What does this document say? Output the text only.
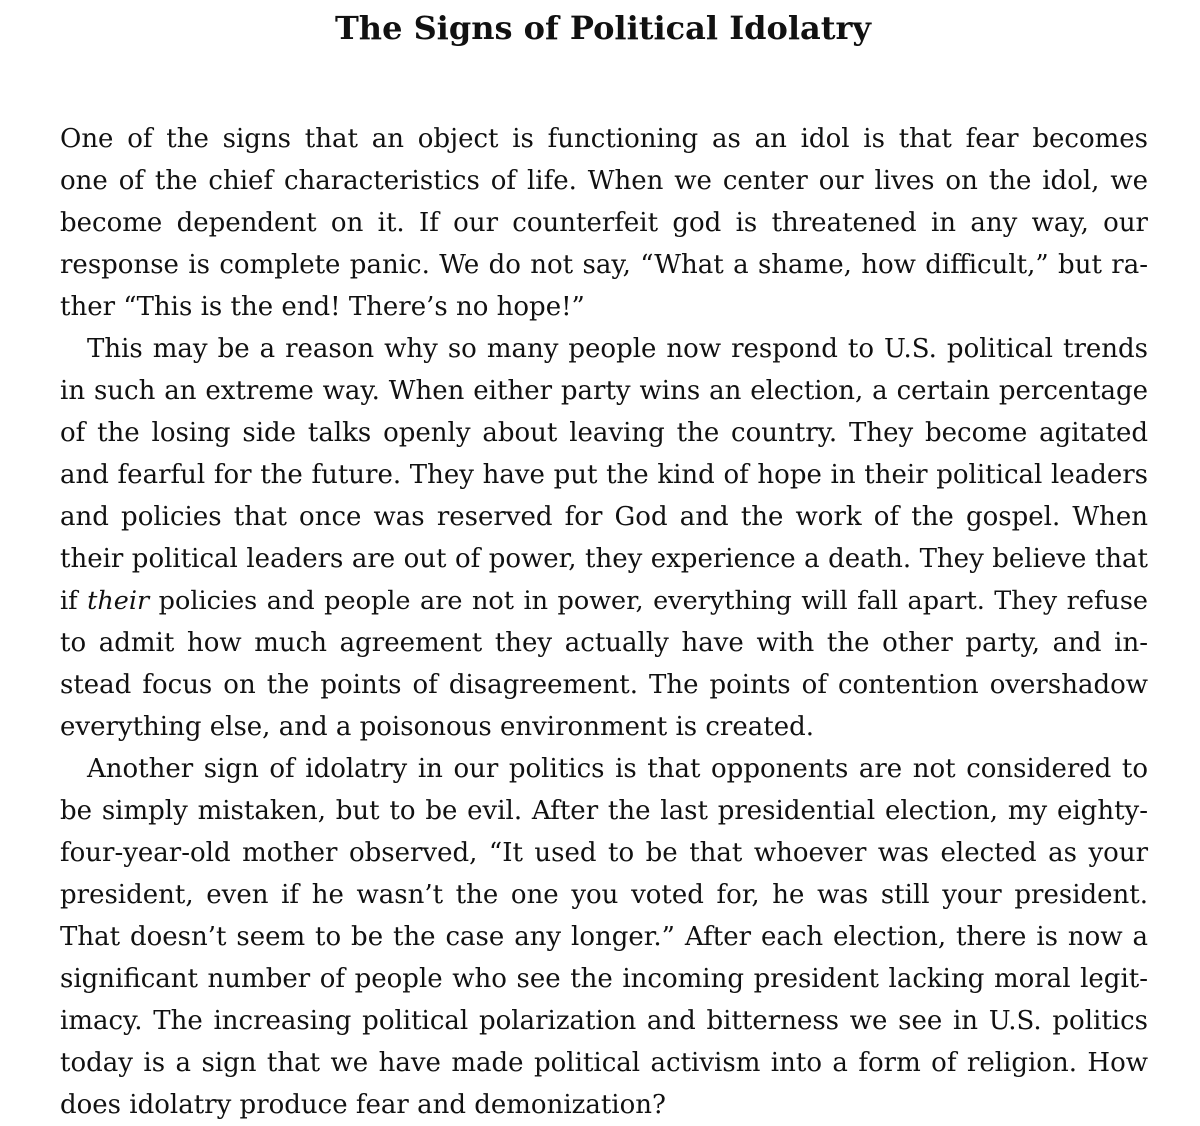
The Signs of Political Idolatry
One of the signs that an object is functioning as an idol is that fear becomes
one of the chief characteristics of life. When we center our lives on the idol, we
become dependent on it. If our counterfeit god is threatened in any way, our
response is complete panic. We do not say, “What a shame, how difficult,” but ra-
ther “This is the end! There’s no hope!”
This may be a reason why so many people now respond to U.S. political trends
in such an extreme way. When either party wins an election, a certain percentage
of the losing side talks openly about leaving the country. They become agitated
and fearful for the future. They have put the kind of hope in their political leaders
and policies that once was reserved for God and the work of the gospel. When
their political leaders are out of power, they experience a death. They believe that
if their policies and people are not in power, everything will fall apart. They refuse
to admit how much agreement they actually have with the other party, and in-
stead focus on the points of disagreement. The points of contention overshadow
everything else, and a poisonous environment is created.
Another sign of idolatry in our politics is that opponents are not considered to
be simply mistaken, but to be evil. After the last presidential election, my eighty-
four-year-old mother observed, “It used to be that whoever was elected as your
president, even if he wasn’t the one you voted for, he was still your president.
That doesn’t seem to be the case any longer.” After each election, there is now a
significant number of people who see the incoming president lacking moral legit-
imacy. The increasing political polarization and bitterness we see in U.S. politics
today is a sign that we have made political activism into a form of religion. How
does idolatry produce fear and demonization?
